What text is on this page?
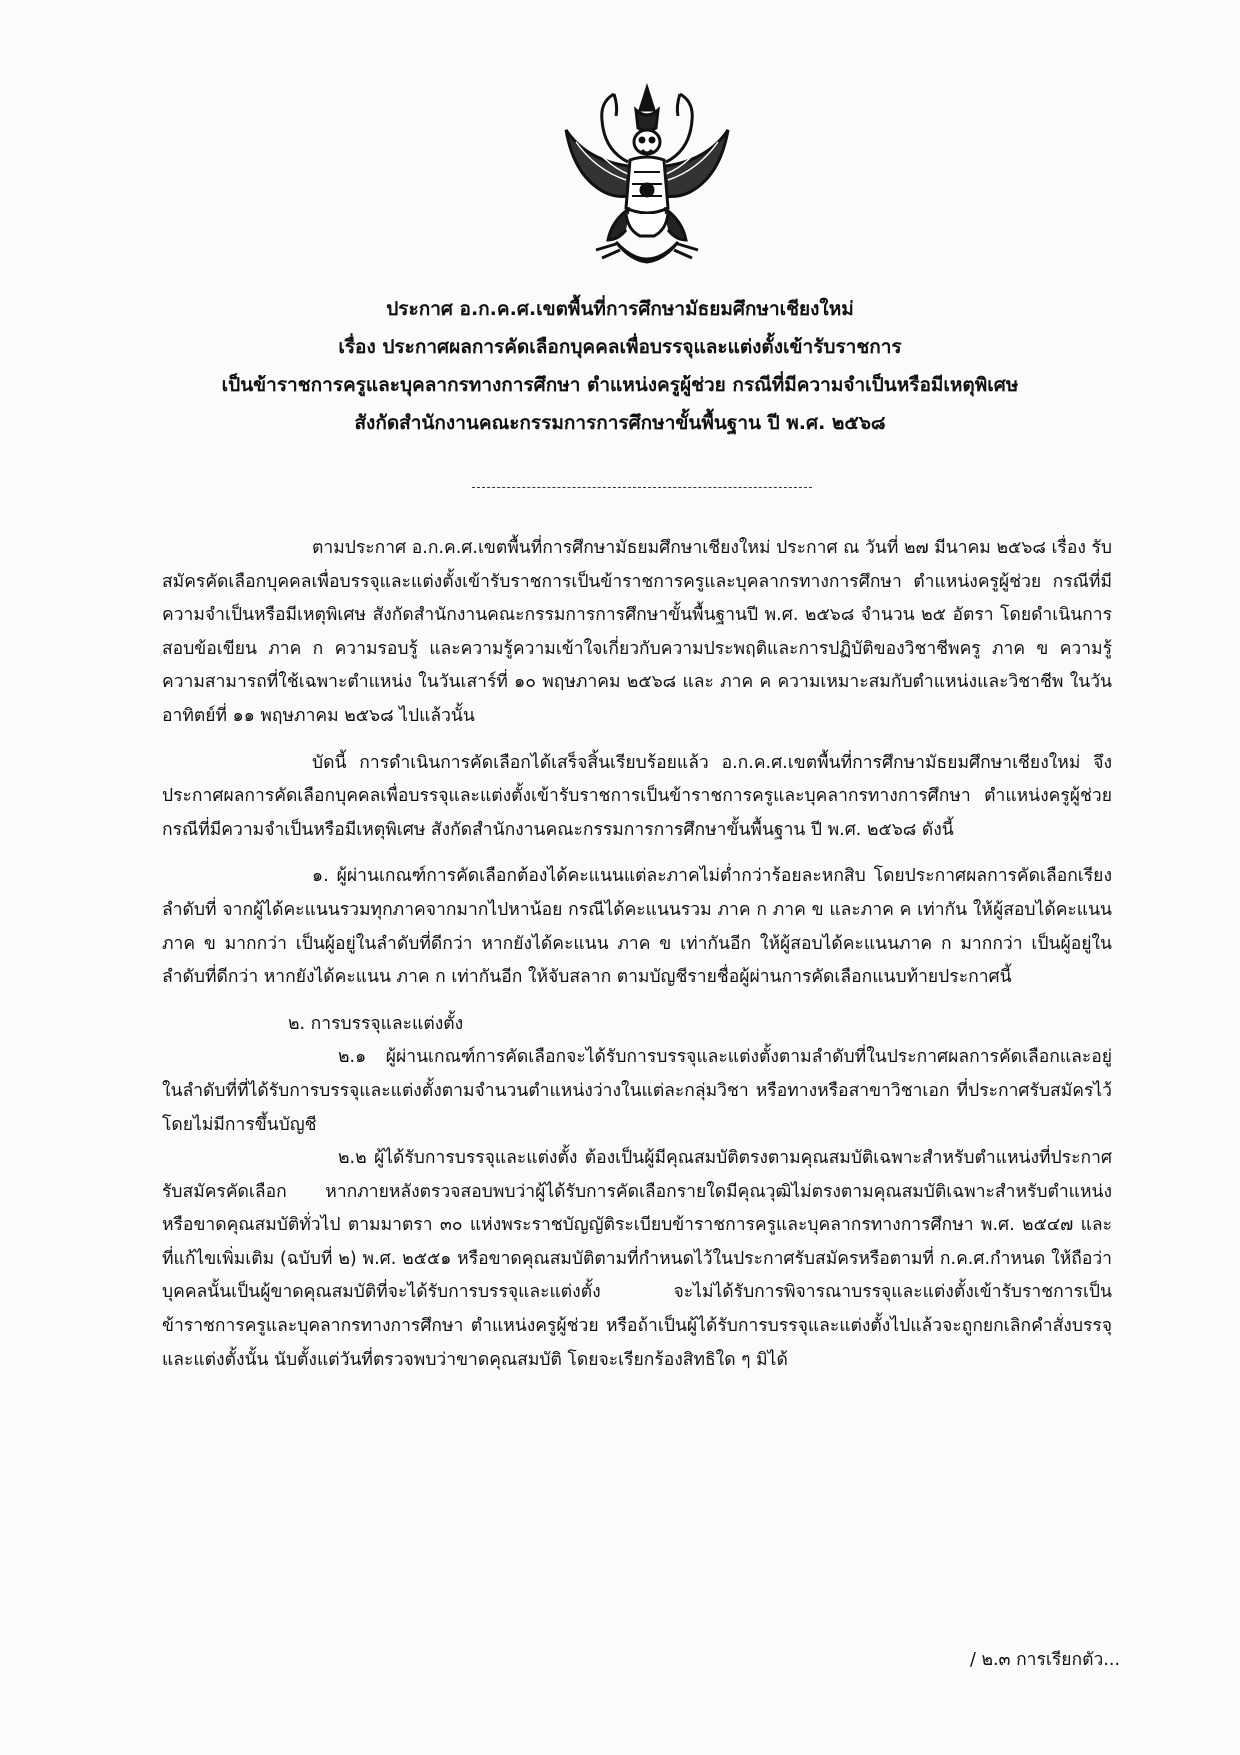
ประกาศ อ.ก.ค.ศ.เขตพื้นที่การศึกษามัธยมศึกษาเชียงใหม่
เรื่อง ประกาศผลการคัดเลือกบุคคลเพื่อบรรจุและแต่งตั้งเข้ารับราชการ
เป็นข้าราชการครูและบุคลากรทางการศึกษา ตำแหน่งครูผู้ช่วย กรณีที่มีความจำเป็นหรือมีเหตุพิเศษ
สังกัดสำนักงานคณะกรรมการการศึกษาขั้นพื้นฐาน ปี พ.ศ. ๒๕๖๘

ตามประกาศ อ.ก.ค.ศ.เขตพื้นที่การศึกษามัธยมศึกษาเชียงใหม่ ประกาศ ณ วันที่ ๒๗ มีนาคม ๒๕๖๘ เรื่อง รับสมัครคัดเลือกบุคคลเพื่อบรรจุและแต่งตั้งเข้ารับราชการเป็นข้าราชการครูและบุคลากรทางการศึกษา ตำแหน่งครูผู้ช่วย กรณีที่มีความจำเป็นหรือมีเหตุพิเศษ สังกัดสำนักงานคณะกรรมการการศึกษาขั้นพื้นฐานปี พ.ศ. ๒๕๖๘ จำนวน ๒๕ อัตรา โดยดำเนินการสอบข้อเขียน ภาค ก ความรอบรู้ และความรู้ความเข้าใจเกี่ยวกับความประพฤติและการปฏิบัติของวิชาชีพครู ภาค ข ความรู้ความสามารถที่ใช้เฉพาะตำแหน่ง ในวันเสาร์ที่ ๑๐ พฤษภาคม ๒๕๖๘ และ ภาค ค ความเหมาะสมกับตำแหน่งและวิชาชีพ ในวันอาทิตย์ที่ ๑๑ พฤษภาคม ๒๕๖๘ ไปแล้วนั้น

บัดนี้ การดำเนินการคัดเลือกได้เสร็จสิ้นเรียบร้อยแล้ว อ.ก.ค.ศ.เขตพื้นที่การศึกษามัธยมศึกษาเชียงใหม่ จึงประกาศผลการคัดเลือกบุคคลเพื่อบรรจุและแต่งตั้งเข้ารับราชการเป็นข้าราชการครูและบุคลากรทางการศึกษา ตำแหน่งครูผู้ช่วย กรณีที่มีความจำเป็นหรือมีเหตุพิเศษ สังกัดสำนักงานคณะกรรมการการศึกษาขั้นพื้นฐาน ปี พ.ศ. ๒๕๖๘ ดังนี้

๑. ผู้ผ่านเกณฑ์การคัดเลือกต้องได้คะแนนแต่ละภาคไม่ต่ำกว่าร้อยละหกสิบ โดยประกาศผลการคัดเลือกเรียงลำดับที่ จากผู้ได้คะแนนรวมทุกภาคจากมากไปหาน้อย กรณีได้คะแนนรวม ภาค ก ภาค ข และภาค ค เท่ากัน ให้ผู้สอบได้คะแนนภาค ข มากกว่า เป็นผู้อยู่ในลำดับที่ดีกว่า หากยังได้คะแนน ภาค ข เท่ากันอีก ให้ผู้สอบได้คะแนนภาค ก มากกว่า เป็นผู้อยู่ในลำดับที่ดีกว่า หากยังได้คะแนน ภาค ก เท่ากันอีก ให้จับสลาก ตามบัญชีรายชื่อผู้ผ่านการคัดเลือกแนบท้ายประกาศนี้

๒. การบรรจุและแต่งตั้ง

๒.๑ ผู้ผ่านเกณฑ์การคัดเลือกจะได้รับการบรรจุและแต่งตั้งตามลำดับที่ในประกาศผลการคัดเลือกและอยู่ในลำดับที่ที่ได้รับการบรรจุและแต่งตั้งตามจำนวนตำแหน่งว่างในแต่ละกลุ่มวิชา หรือทางหรือสาขาวิชาเอก ที่ประกาศรับสมัครไว้โดยไม่มีการขึ้นบัญชี

๒.๒ ผู้ได้รับการบรรจุและแต่งตั้ง ต้องเป็นผู้มีคุณสมบัติตรงตามคุณสมบัติเฉพาะสำหรับตำแหน่งที่ประกาศรับสมัครคัดเลือก หากภายหลังตรวจสอบพบว่าผู้ได้รับการคัดเลือกรายใดมีคุณวุฒิไม่ตรงตามคุณสมบัติเฉพาะสำหรับตำแหน่ง หรือขาดคุณสมบัติทั่วไป ตามมาตรา ๓๐ แห่งพระราชบัญญัติระเบียบข้าราชการครูและบุคลากรทางการศึกษา พ.ศ. ๒๕๔๗ และที่แก้ไขเพิ่มเติม (ฉบับที่ ๒) พ.ศ. ๒๕๕๑ หรือขาดคุณสมบัติตามที่กำหนดไว้ในประกาศรับสมัครหรือตามที่ ก.ค.ศ.กำหนด ให้ถือว่าบุคคลนั้นเป็นผู้ขาดคุณสมบัติที่จะได้รับการบรรจุและแต่งตั้ง จะไม่ได้รับการพิจารณาบรรจุและแต่งตั้งเข้ารับราชการเป็นข้าราชการครูและบุคลากรทางการศึกษา ตำแหน่งครูผู้ช่วย หรือถ้าเป็นผู้ได้รับการบรรจุและแต่งตั้งไปแล้วจะถูกยกเลิกคำสั่งบรรจุและแต่งตั้งนั้น นับตั้งแต่วันที่ตรวจพบว่าขาดคุณสมบัติ โดยจะเรียกร้องสิทธิใด ๆ มิได้

/ ๒.๓ การเรียกตัว...
